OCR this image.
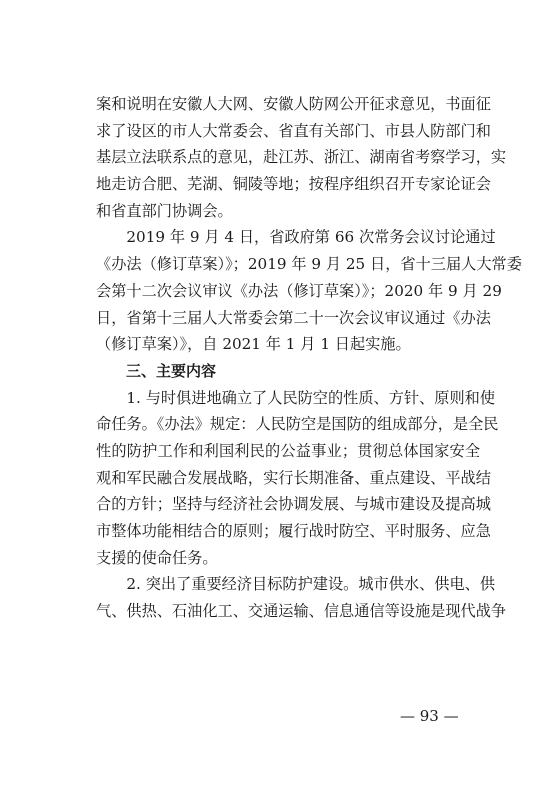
案和说明在安徽人大网、安徽人防网公开征求意见，书面征
求了设区的市人大常委会、省直有关部门、市县人防部门和
基层立法联系点的意见，赴江苏、浙江、湖南省考察学习，实
地走访合肥、芜湖、铜陵等地；按程序组织召开专家论证会
和省直部门协调会。
　　2019 年 9 月 4 日，省政府第 66 次常务会议讨论通过
《办法（修订草案）》；2019 年 9 月 25 日，省十三届人大常委
会第十二次会议审议《办法（修订草案）》；2020 年 9 月 29
日，省第十三届人大常委会第二十一次会议审议通过《办法
（修订草案）》，自 2021 年 1 月 1 日起实施。
　　三、主要内容
　　1. 与时俱进地确立了人民防空的性质、方针、原则和使
命任务。《办法》规定：人民防空是国防的组成部分，是全民
性的防护工作和利国利民的公益事业；贯彻总体国家安全
观和军民融合发展战略，实行长期准备、重点建设、平战结
合的方针；坚持与经济社会协调发展、与城市建设及提高城
市整体功能相结合的原则；履行战时防空、平时服务、应急
支援的使命任务。
　　2. 突出了重要经济目标防护建设。城市供水、供电、供
气、供热、石油化工、交通运输、信息通信等设施是现代战争
— 93 —
